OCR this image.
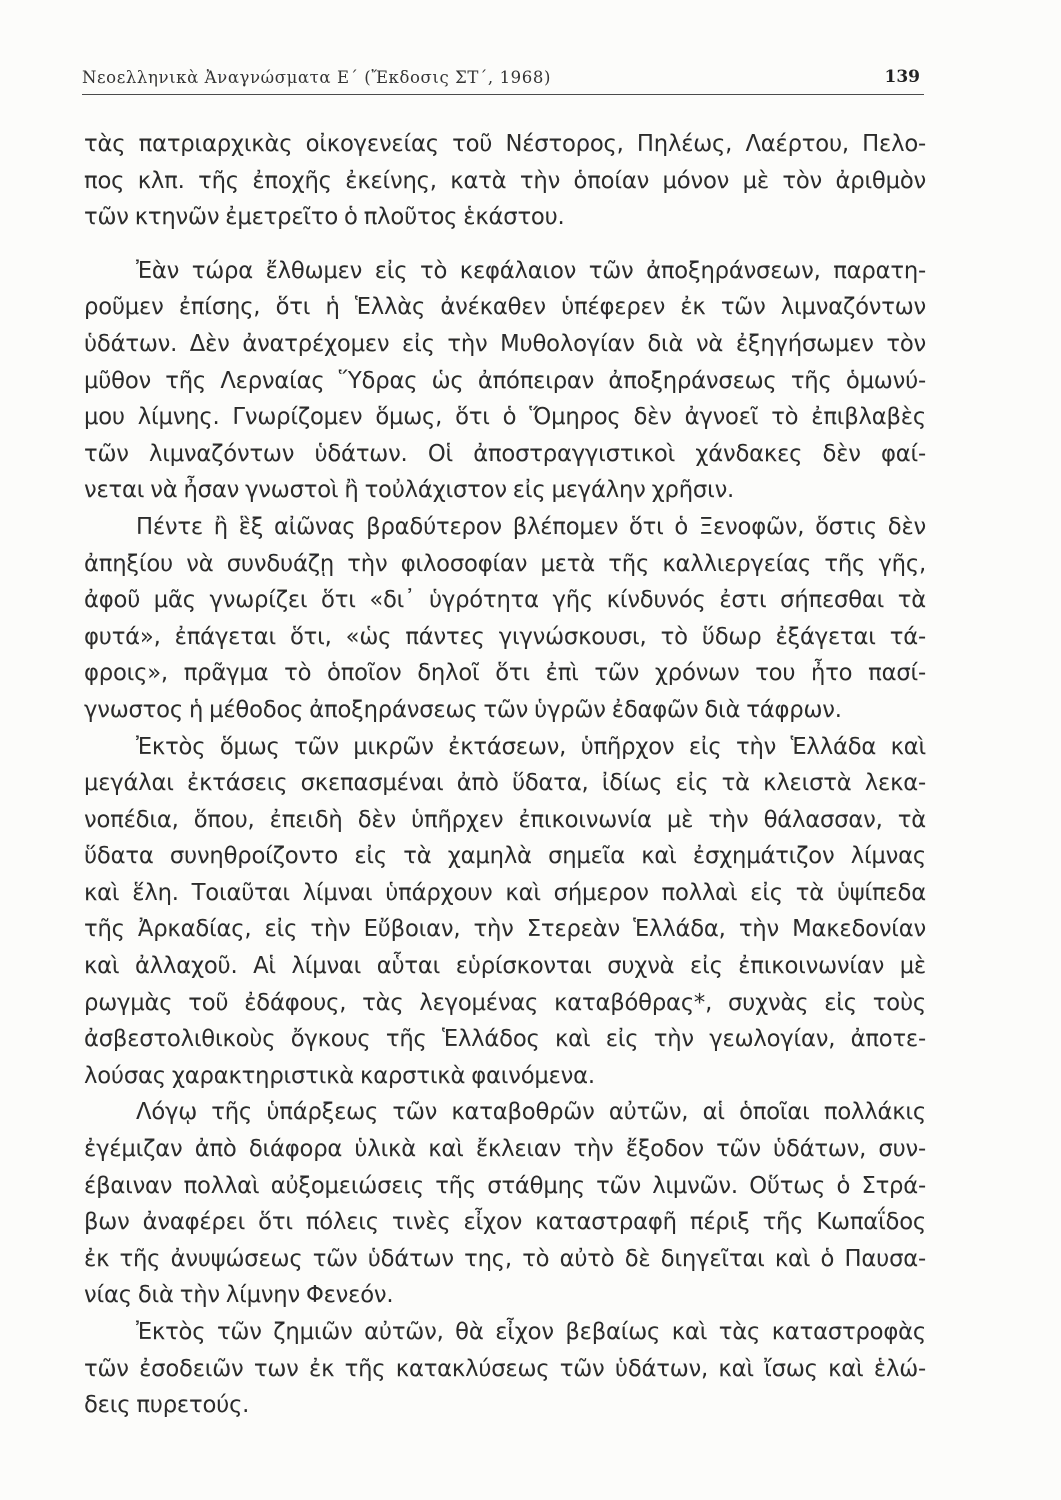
Νεοελληνικὰ Ἀναγνώσματα Ε΄ (Ἔκδοσις ΣΤ΄, 1968)	139
τὰς πατριαρχικὰς οἰκογενείας τοῦ Νέστορος, Πηλέως, Λαέρτου, Πελο-
πος κλπ. τῆς ἐποχῆς ἐκείνης, κατὰ τὴν ὁποίαν μόνον μὲ τὸν ἀριθμὸν
τῶν κτηνῶν ἐμετρεῖτο ὁ πλοῦτος ἑκάστου.
Ἐὰν τώρα ἔλθωμεν εἰς τὸ κεφάλαιον τῶν ἀποξηράνσεων, παρατη-
ροῦμεν ἐπίσης, ὅτι ἡ Ἑλλὰς ἀνέκαθεν ὑπέφερεν ἐκ τῶν λιμναζόντων
ὑδάτων. Δὲν ἀνατρέχομεν εἰς τὴν Μυθολογίαν διὰ νὰ ἐξηγήσωμεν τὸν
μῦθον τῆς Λερναίας Ὕδρας ὡς ἀπόπειραν ἀποξηράνσεως τῆς ὁμωνύ-
μου λίμνης. Γνωρίζομεν ὅμως, ὅτι ὁ Ὅμηρος δὲν ἀγνοεῖ τὸ ἐπιβλαβὲς
τῶν λιμναζόντων ὑδάτων. Οἱ ἀποστραγγιστικοὶ χάνδακες δὲν φαί-
νεται νὰ ἦσαν γνωστοὶ ἢ τοὐλάχιστον εἰς μεγάλην χρῆσιν.
Πέντε ἢ ἓξ αἰῶνας βραδύτερον βλέπομεν ὅτι ὁ Ξενοφῶν, ὅστις δὲν
ἀπηξίου νὰ συνδυάζῃ τὴν φιλοσοφίαν μετὰ τῆς καλλιεργείας τῆς γῆς,
ἀφοῦ μᾶς γνωρίζει ὅτι «δι᾽ ὑγρότητα γῆς κίνδυνός ἐστι σήπεσθαι τὰ
φυτά», ἐπάγεται ὅτι, «ὡς πάντες γιγνώσκουσι, τὸ ὕδωρ ἐξάγεται τά-
φροις», πρᾶγμα τὸ ὁποῖον δηλοῖ ὅτι ἐπὶ τῶν χρόνων του ἦτο πασί-
γνωστος ἡ μέθοδος ἀποξηράνσεως τῶν ὑγρῶν ἐδαφῶν διὰ τάφρων.
Ἐκτὸς ὅμως τῶν μικρῶν ἐκτάσεων, ὑπῆρχον εἰς τὴν Ἑλλάδα καὶ
μεγάλαι ἐκτάσεις σκεπασμέναι ἀπὸ ὕδατα, ἰδίως εἰς τὰ κλειστὰ λεκα-
νοπέδια, ὅπου, ἐπειδὴ δὲν ὑπῆρχεν ἐπικοινωνία μὲ τὴν θάλασσαν, τὰ
ὕδατα συνηθροίζοντο εἰς τὰ χαμηλὰ σημεῖα καὶ ἐσχημάτιζον λίμνας
καὶ ἕλη. Τοιαῦται λίμναι ὑπάρχουν καὶ σήμερον πολλαὶ εἰς τὰ ὑψίπεδα
τῆς Ἀρκαδίας, εἰς τὴν Εὔβοιαν, τὴν Στερεὰν Ἑλλάδα, τὴν Μακεδονίαν
καὶ ἀλλαχοῦ. Αἱ λίμναι αὗται εὑρίσκονται συχνὰ εἰς ἐπικοινωνίαν μὲ
ρωγμὰς τοῦ ἐδάφους, τὰς λεγομένας καταβόθρας*, συχνὰς εἰς τοὺς
ἀσβεστολιθικοὺς ὄγκους τῆς Ἑλλάδος καὶ εἰς τὴν γεωλογίαν, ἀποτε-
λούσας χαρακτηριστικὰ καρστικὰ φαινόμενα.
Λόγῳ τῆς ὑπάρξεως τῶν καταβοθρῶν αὐτῶν, αἱ ὁποῖαι πολλάκις
ἐγέμιζαν ἀπὸ διάφορα ὑλικὰ καὶ ἔκλειαν τὴν ἔξοδον τῶν ὑδάτων, συν-
έβαιναν πολλαὶ αὐξομειώσεις τῆς στάθμης τῶν λιμνῶν. Οὕτως ὁ Στρά-
βων ἀναφέρει ὅτι πόλεις τινὲς εἶχον καταστραφῆ πέριξ τῆς Κωπαΐδος
ἐκ τῆς ἀνυψώσεως τῶν ὑδάτων της, τὸ αὐτὸ δὲ διηγεῖται καὶ ὁ Παυσα-
νίας διὰ τὴν λίμνην Φενεόν.
Ἐκτὸς τῶν ζημιῶν αὐτῶν, θὰ εἶχον βεβαίως καὶ τὰς καταστροφὰς
τῶν ἐσοδειῶν των ἐκ τῆς κατακλύσεως τῶν ὑδάτων, καὶ ἴσως καὶ ἑλώ-
δεις πυρετούς.
